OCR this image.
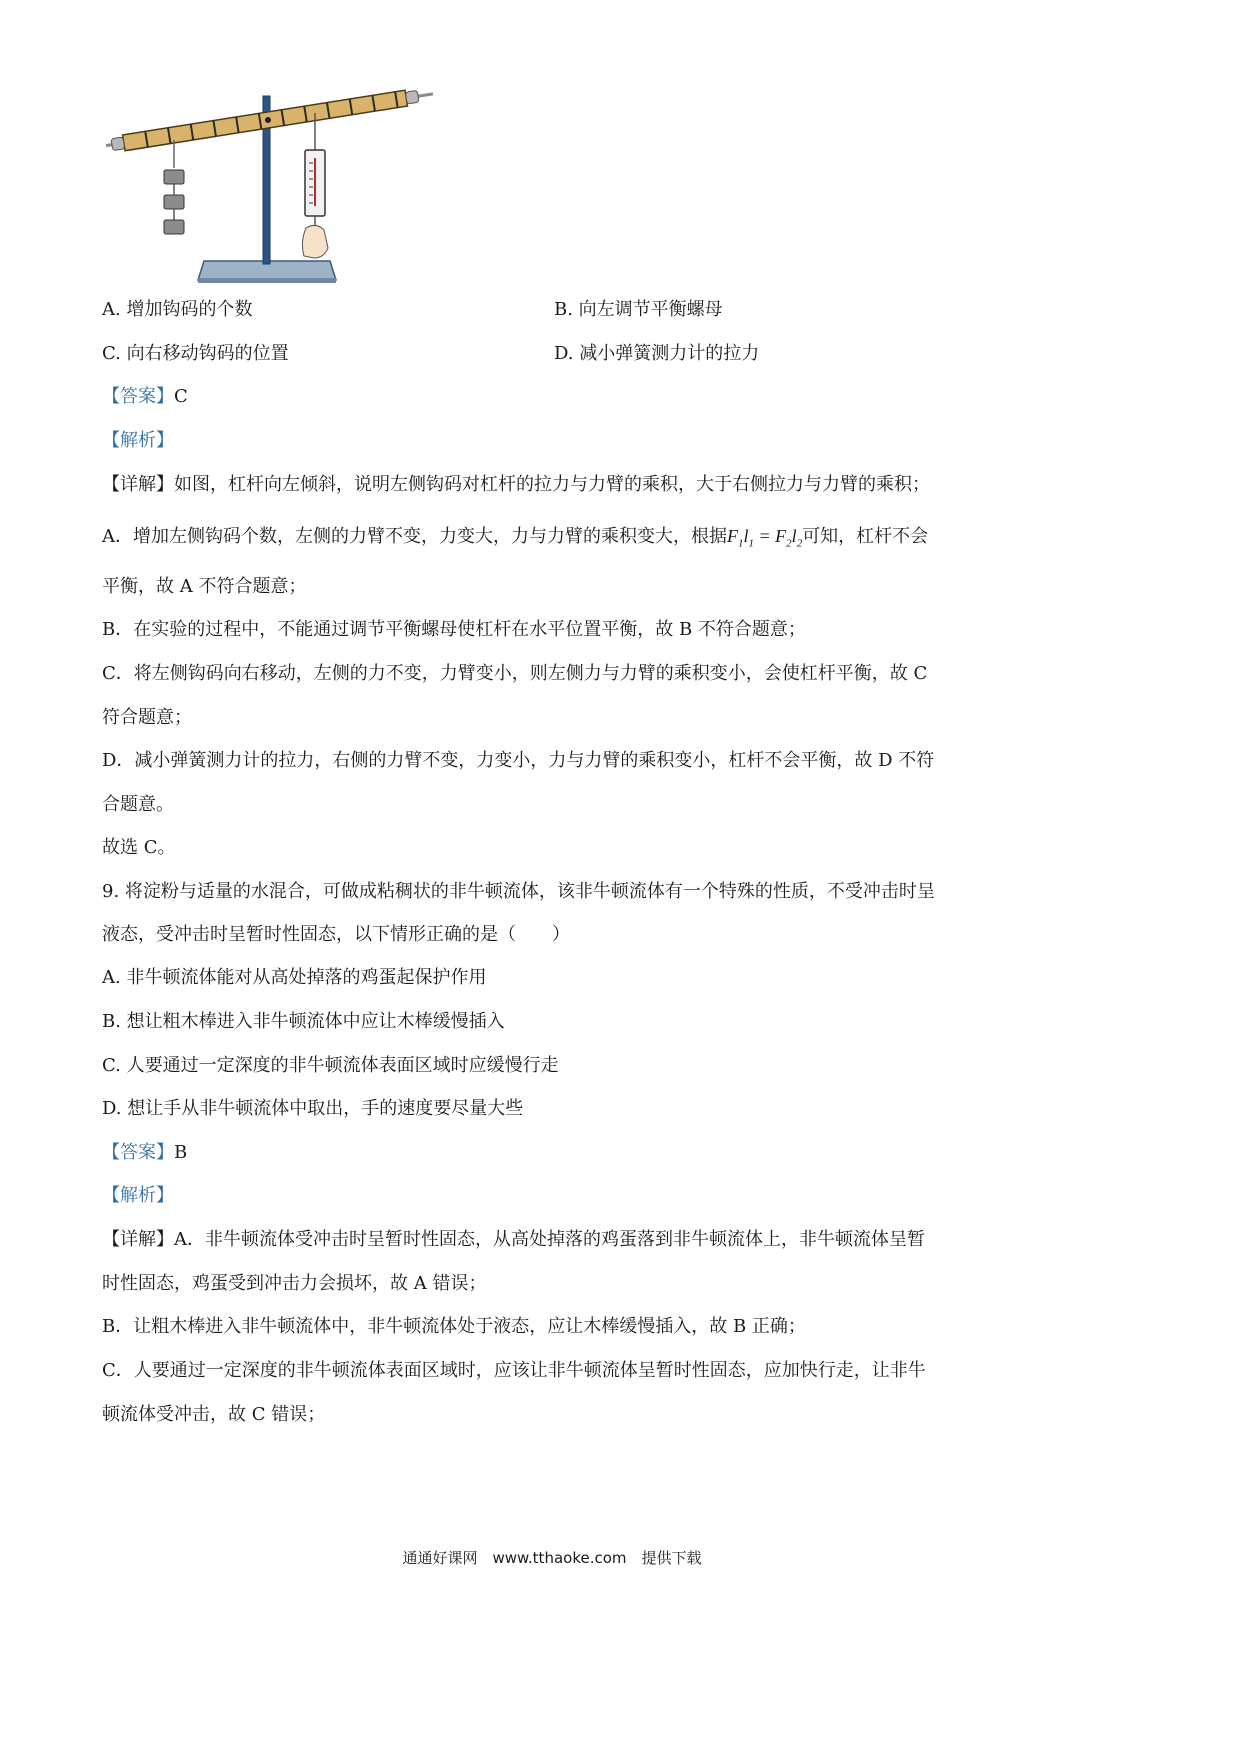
A. 增加钩码的个数	B. 向左调节平衡螺母
C. 向右移动钩码的位置	D. 减小弹簧测力计的拉力
【答案】C
【解析】
【详解】如图，杠杆向左倾斜，说明左侧钩码对杠杆的拉力与力臂的乘积，大于右侧拉力与力臂的乘积；
A．增加左侧钩码个数，左侧的力臂不变，力变大，力与力臂的乘积变大，根据$F_1l_1 = F_2l_2$可知，杠杆不会
平衡，故 A 不符合题意；
B．在实验的过程中，不能通过调节平衡螺母使杠杆在水平位置平衡，故 B 不符合题意；
C．将左侧钩码向右移动，左侧的力不变，力臂变小，则左侧力与力臂的乘积变小，会使杠杆平衡，故 C
符合题意；
D．减小弹簧测力计的拉力，右侧的力臂不变，力变小，力与力臂的乘积变小，杠杆不会平衡，故 D 不符
合题意。
故选 C。
9. 将淀粉与适量的水混合，可做成粘稠状的非牛顿流体，该非牛顿流体有一个特殊的性质，不受冲击时呈
液态，受冲击时呈暂时性固态，以下情形正确的是（　　）
A. 非牛顿流体能对从高处掉落的鸡蛋起保护作用
B. 想让粗木棒进入非牛顿流体中应让木棒缓慢插入
C. 人要通过一定深度的非牛顿流体表面区域时应缓慢行走
D. 想让手从非牛顿流体中取出，手的速度要尽量大些
【答案】B
【解析】
【详解】A．非牛顿流体受冲击时呈暂时性固态，从高处掉落的鸡蛋落到非牛顿流体上，非牛顿流体呈暂
时性固态，鸡蛋受到冲击力会损坏，故 A 错误；
B．让粗木棒进入非牛顿流体中，非牛顿流体处于液态，应让木棒缓慢插入，故 B 正确；
C．人要通过一定深度的非牛顿流体表面区域时，应该让非牛顿流体呈暂时性固态，应加快行走，让非牛
顿流体受冲击，故 C 错误；
通通好课网　www.tthaoke.com　提供下载
